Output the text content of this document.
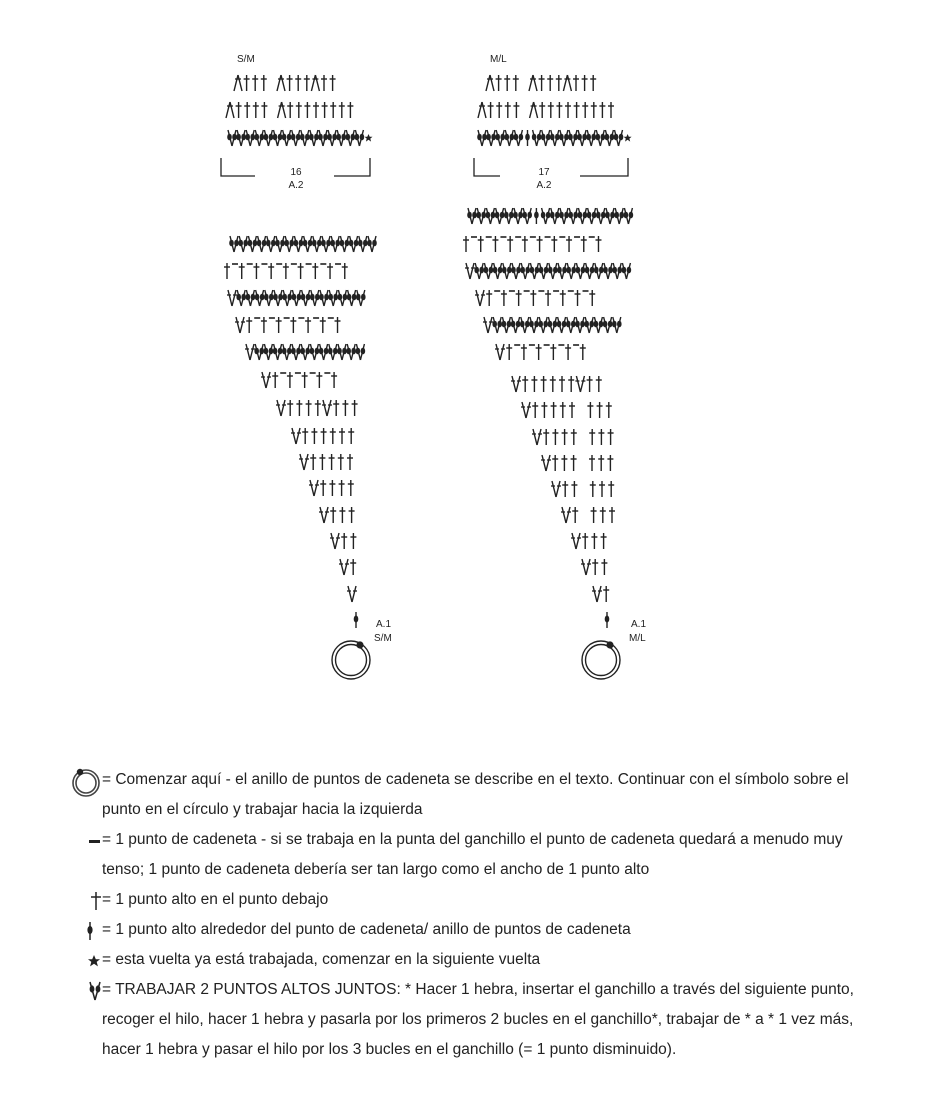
S/M
16
A.2
A.1
S/M
M/L
17
A.2
A.1
M/L
= Comenzar aquí - el anillo de puntos de cadeneta se describe en el texto. Continuar con el símbolo sobre el punto en el círculo y trabajar hacia la izquierda
= 1 punto de cadeneta - si se trabaja en la punta del ganchillo el punto de cadeneta quedará a menudo muy tenso; 1 punto de cadeneta debería ser tan largo como el ancho de 1 punto alto
= 1 punto alto en el punto debajo
= 1 punto alto alrededor del punto de cadeneta/ anillo de puntos de cadeneta
= esta vuelta ya está trabajada, comenzar en la siguiente vuelta
= TRABAJAR 2 PUNTOS ALTOS JUNTOS: * Hacer 1 hebra, insertar el ganchillo a través del siguiente punto, recoger el hilo, hacer 1 hebra y pasarla por los primeros 2 bucles en el ganchillo*, trabajar de * a * 1 vez más, hacer 1 hebra y pasar el hilo por los 3 bucles en el ganchillo (= 1 punto disminuido).
